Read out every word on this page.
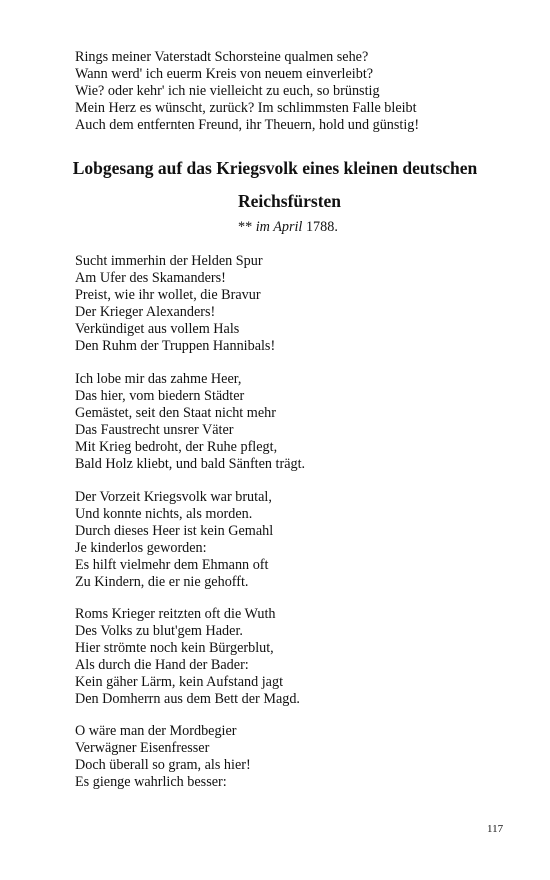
Rings meiner Vaterstadt Schorsteine qualmen sehe?
Wann werd' ich euerm Kreis von neuem einverleibt?
Wie? oder kehr' ich nie vielleicht zu euch, so brünstig
Mein Herz es wünscht, zurück? Im schlimmsten Falle bleibt
Auch dem entfernten Freund, ihr Theuern, hold und günstig!
Lobgesang auf das Kriegsvolk eines kleinen deutschen
Reichsfürsten
** im April 1788.
Sucht immerhin der Helden Spur
Am Ufer des Skamanders!
Preist, wie ihr wollet, die Bravur
Der Krieger Alexanders!
Verkündiget aus vollem Hals
Den Ruhm der Truppen Hannibals!
Ich lobe mir das zahme Heer,
Das hier, vom biedern Städter
Gemästet, seit den Staat nicht mehr
Das Faustrecht unsrer Väter
Mit Krieg bedroht, der Ruhe pflegt,
Bald Holz kliebt, und bald Sänften trägt.
Der Vorzeit Kriegsvolk war brutal,
Und konnte nichts, als morden.
Durch dieses Heer ist kein Gemahl
Je kinderlos geworden:
Es hilft vielmehr dem Ehmann oft
Zu Kindern, die er nie gehofft.
Roms Krieger reitzten oft die Wuth
Des Volks zu blut'gem Hader.
Hier strömte noch kein Bürgerblut,
Als durch die Hand der Bader:
Kein gäher Lärm, kein Aufstand jagt
Den Domherrn aus dem Bett der Magd.
O wäre man der Mordbegier
Verwägner Eisenfresser
Doch überall so gram, als hier!
Es gienge wahrlich besser:
117
